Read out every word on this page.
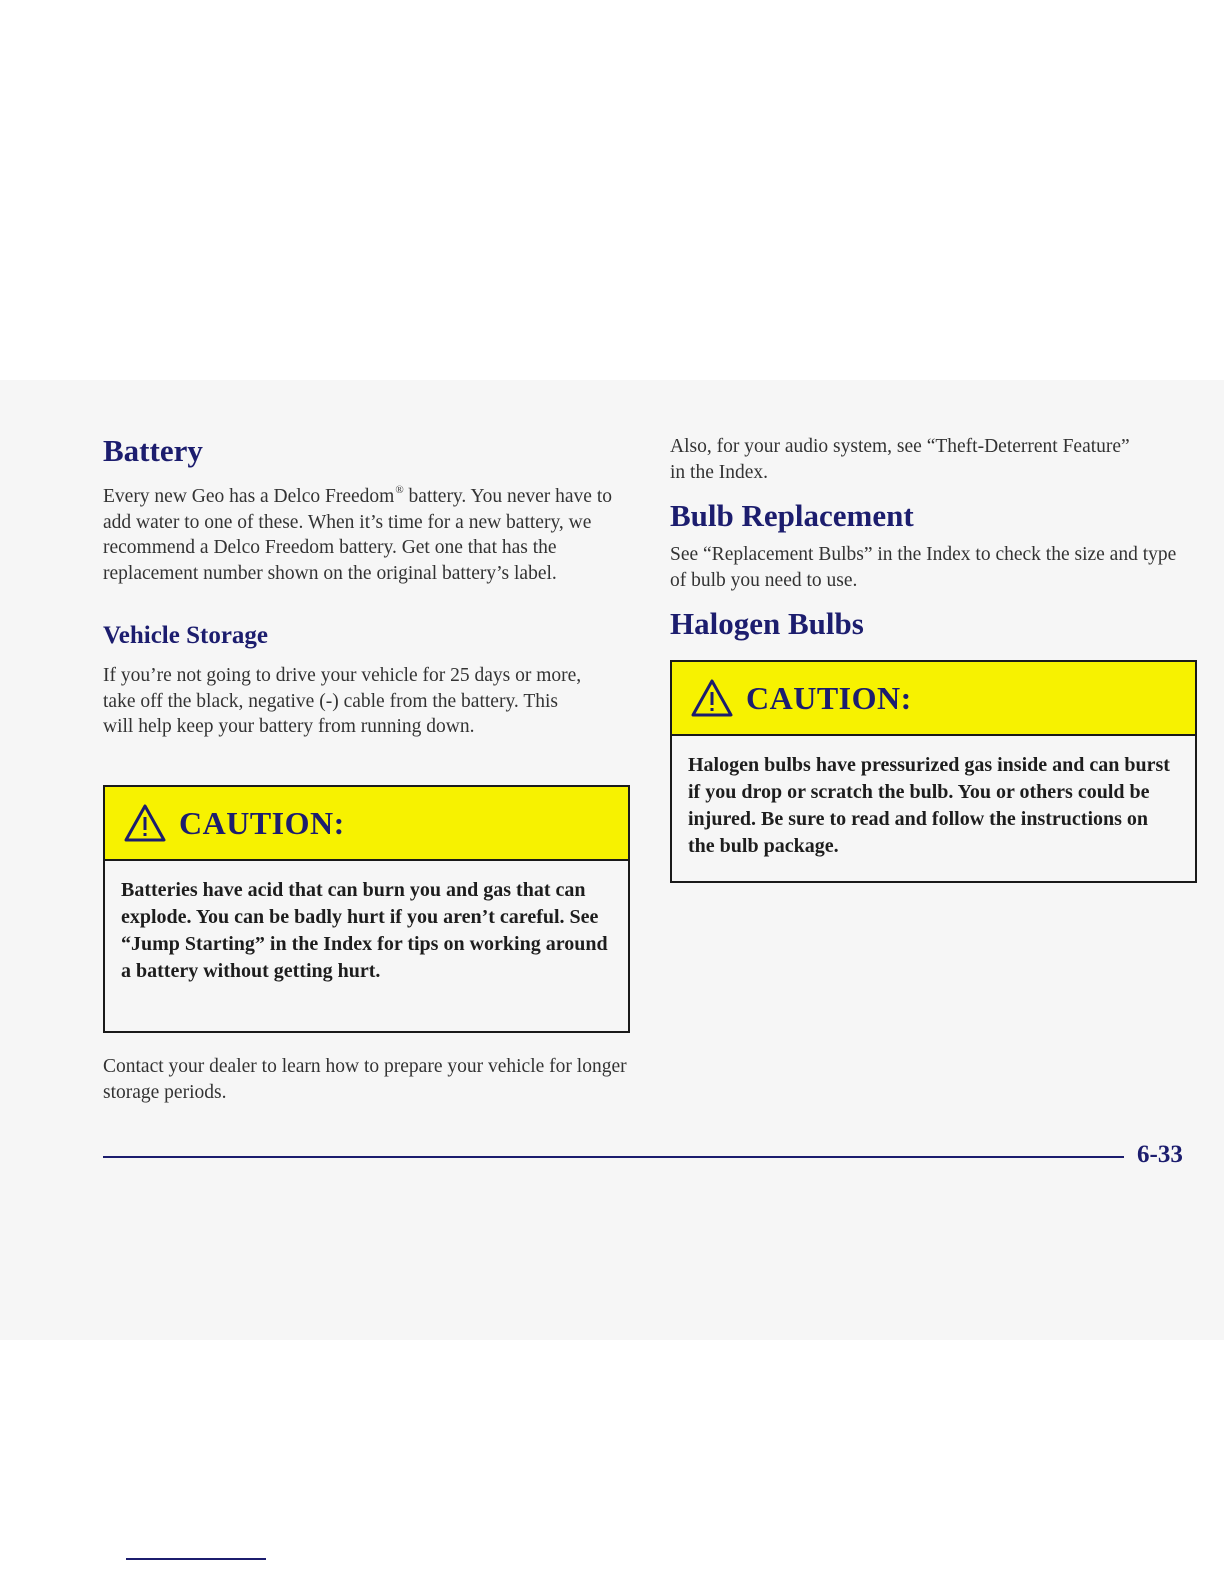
Battery

Every new Geo has a Delco Freedom® battery. You never have to add water to one of these. When it’s time for a new battery, we recommend a Delco Freedom battery. Get one that has the replacement number shown on the original battery’s label.

Vehicle Storage

If you’re not going to drive your vehicle for 25 days or more, take off the black, negative (-) cable from the battery. This will help keep your battery from running down.

CAUTION:
Batteries have acid that can burn you and gas that can explode. You can be badly hurt if you aren’t careful. See “Jump Starting” in the Index for tips on working around a battery without getting hurt.

Contact your dealer to learn how to prepare your vehicle for longer storage periods.

Also, for your audio system, see “Theft-Deterrent Feature” in the Index.

Bulb Replacement

See “Replacement Bulbs” in the Index to check the size and type of bulb you need to use.

Halogen Bulbs
CAUTION:
Halogen bulbs have pressurized gas inside and can burst if you drop or scratch the bulb. You or others could be injured. Be sure to read and follow the instructions on the bulb package.
6-33
